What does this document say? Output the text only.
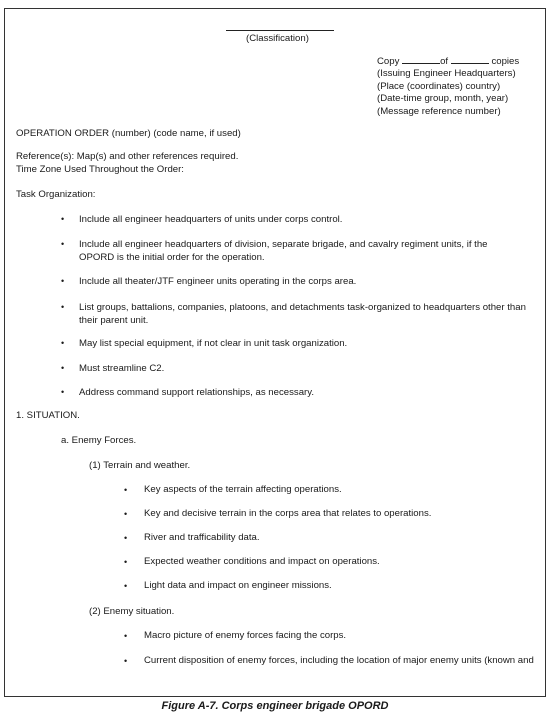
(Classification)
Copy	of	copies
(Issuing Engineer Headquarters)
(Place (coordinates) country)
(Date-time group, month, year)
(Message reference number)
OPERATION ORDER (number) (code name, if used)
Reference(s): Map(s) and other references required.
Time Zone Used Throughout the Order:
Task Organization:
• Include all engineer headquarters of units under corps control.
• Include all engineer headquarters of division, separate brigade, and cavalry regiment units, if the OPORD is the initial order for the operation.
• Include all theater/JTF engineer units operating in the corps area.
• List groups, battalions, companies, platoons, and detachments task-organized to headquarters other than their parent unit.
• May list special equipment, if not clear in unit task organization.
• Must streamline C2.
• Address command support relationships, as necessary.
1. SITUATION.
a. Enemy Forces.
(1) Terrain and weather.
• Key aspects of the terrain affecting operations.
• Key and decisive terrain in the corps area that relates to operations.
• River and trafficability data.
• Expected weather conditions and impact on operations.
• Light data and impact on engineer missions.
(2) Enemy situation.
• Macro picture of enemy forces facing the corps.
• Current disposition of enemy forces, including the location of major enemy units (known and
Figure A-7. Corps engineer brigade OPORD
